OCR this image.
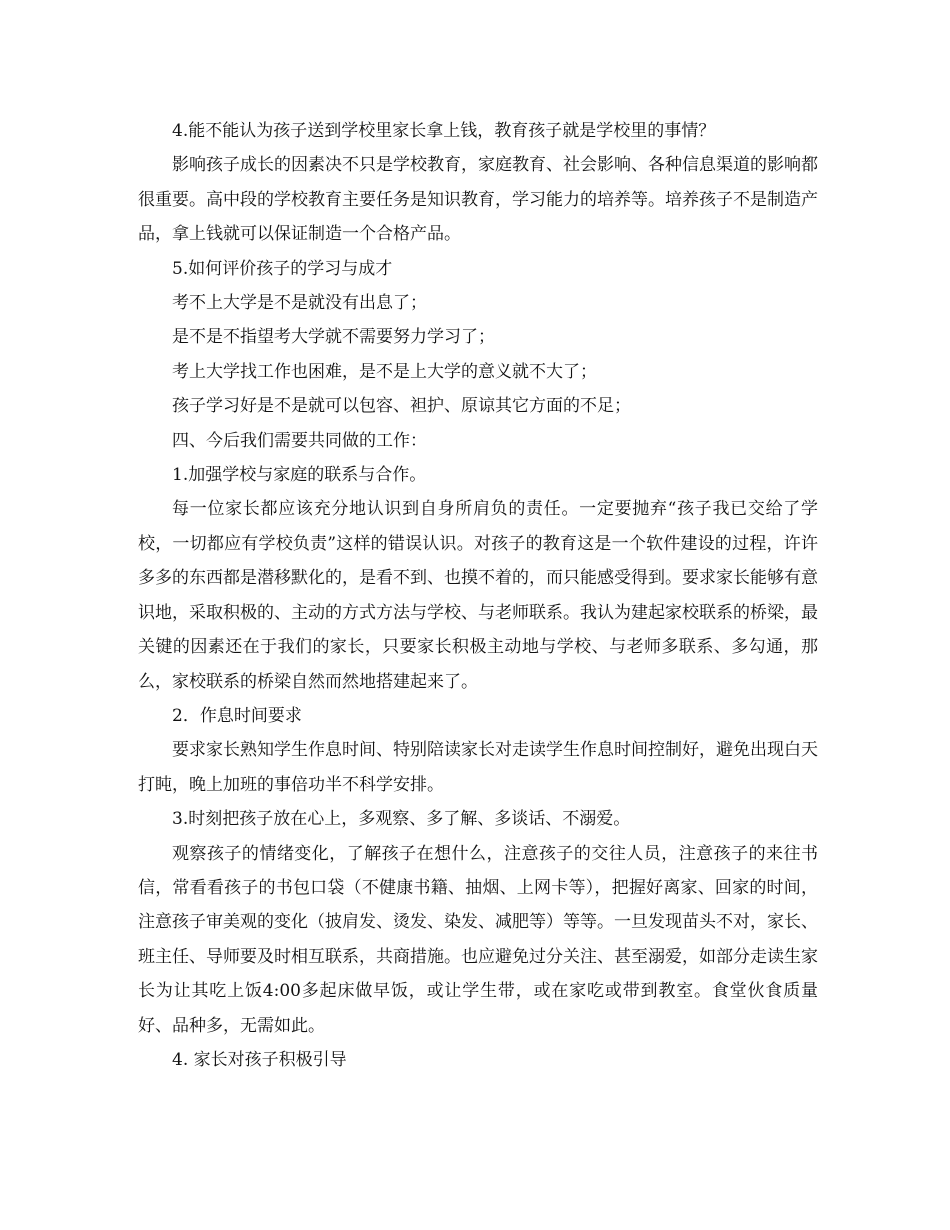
4.能不能认为孩子送到学校里家长拿上钱，教育孩子就是学校里的事情？

影响孩子成长的因素决不只是学校教育，家庭教育、社会影响、各种信息渠道的影响都很重要。高中段的学校教育主要任务是知识教育，学习能力的培养等。培养孩子不是制造产品，拿上钱就可以保证制造一个合格产品。

5.如何评价孩子的学习与成才

考不上大学是不是就没有出息了；

是不是不指望考大学就不需要努力学习了；

考上大学找工作也困难，是不是上大学的意义就不大了；

孩子学习好是不是就可以包容、袒护、原谅其它方面的不足；

四、今后我们需要共同做的工作：

1.加强学校与家庭的联系与合作。

每一位家长都应该充分地认识到自身所肩负的责任。一定要抛弃“孩子我已交给了学校，一切都应有学校负责”这样的错误认识。对孩子的教育这是一个软件建设的过程，许许多多的东西都是潜移默化的，是看不到、也摸不着的，而只能感受得到。要求家长能够有意识地，采取积极的、主动的方式方法与学校、与老师联系。我认为建起家校联系的桥梁，最关键的因素还在于我们的家长，只要家长积极主动地与学校、与老师多联系、多勾通，那么，家校联系的桥梁自然而然地搭建起来了。

2．作息时间要求

要求家长熟知学生作息时间、特别陪读家长对走读学生作息时间控制好，避免出现白天打盹，晚上加班的事倍功半不科学安排。

3.时刻把孩子放在心上，多观察、多了解、多谈话、不溺爱。

观察孩子的情绪变化，了解孩子在想什么，注意孩子的交往人员，注意孩子的来往书信，常看看孩子的书包口袋（不健康书籍、抽烟、上网卡等），把握好离家、回家的时间，注意孩子审美观的变化（披肩发、烫发、染发、减肥等）等等。一旦发现苗头不对，家长、班主任、导师要及时相互联系，共商措施。也应避免过分关注、甚至溺爱，如部分走读生家长为让其吃上饭4:00多起床做早饭，或让学生带，或在家吃或带到教室。食堂伙食质量好、品种多，无需如此。

4. 家长对孩子积极引导
